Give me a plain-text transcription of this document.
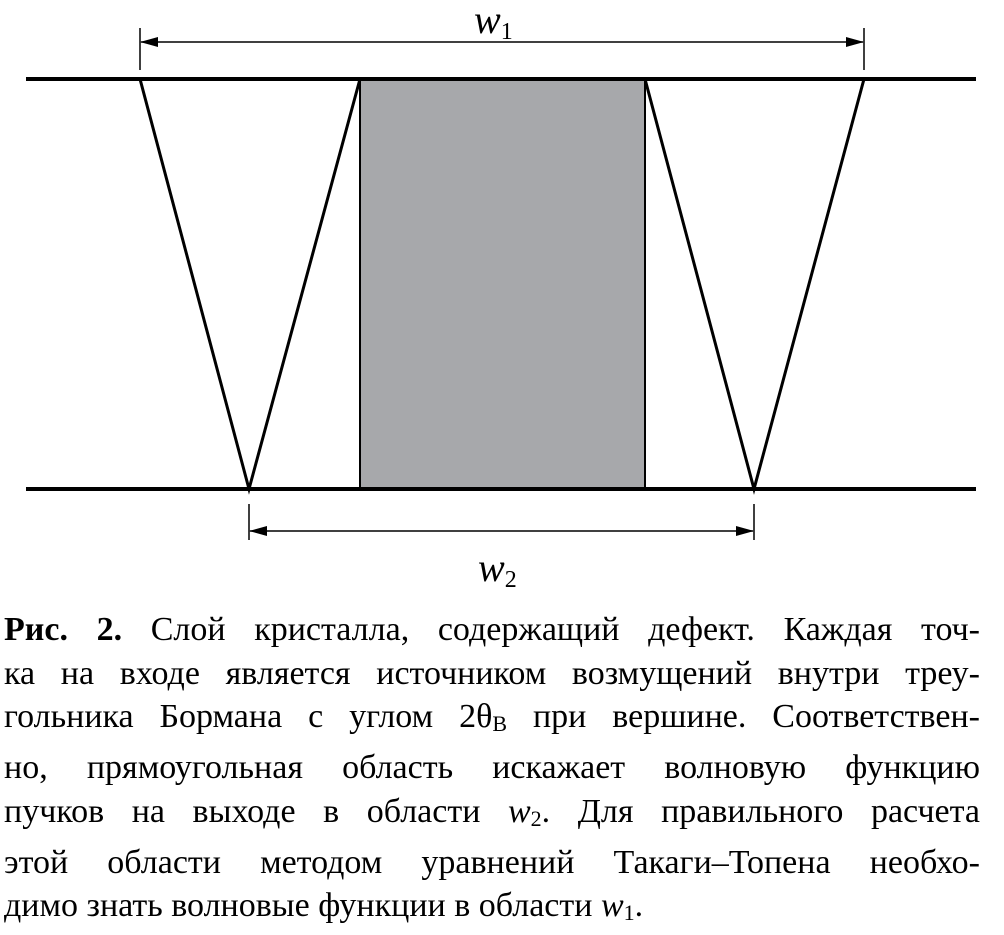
$w_1$
$w_2$

Рис. 2. Слой кристалла, содержащий дефект. Каждая точ-

ка на входе является источником возмущений внутри треу-

гольника Бормана с углом $2\theta_B$ при вершине. Соответствен-

но, прямоугольная область искажает волновую функцию

пучков на выходе в области $w_2$. Для правильного расчета

этой области методом уравнений Такаги–Топена необхо-

димо знать волновые функции в области $w_1$.
